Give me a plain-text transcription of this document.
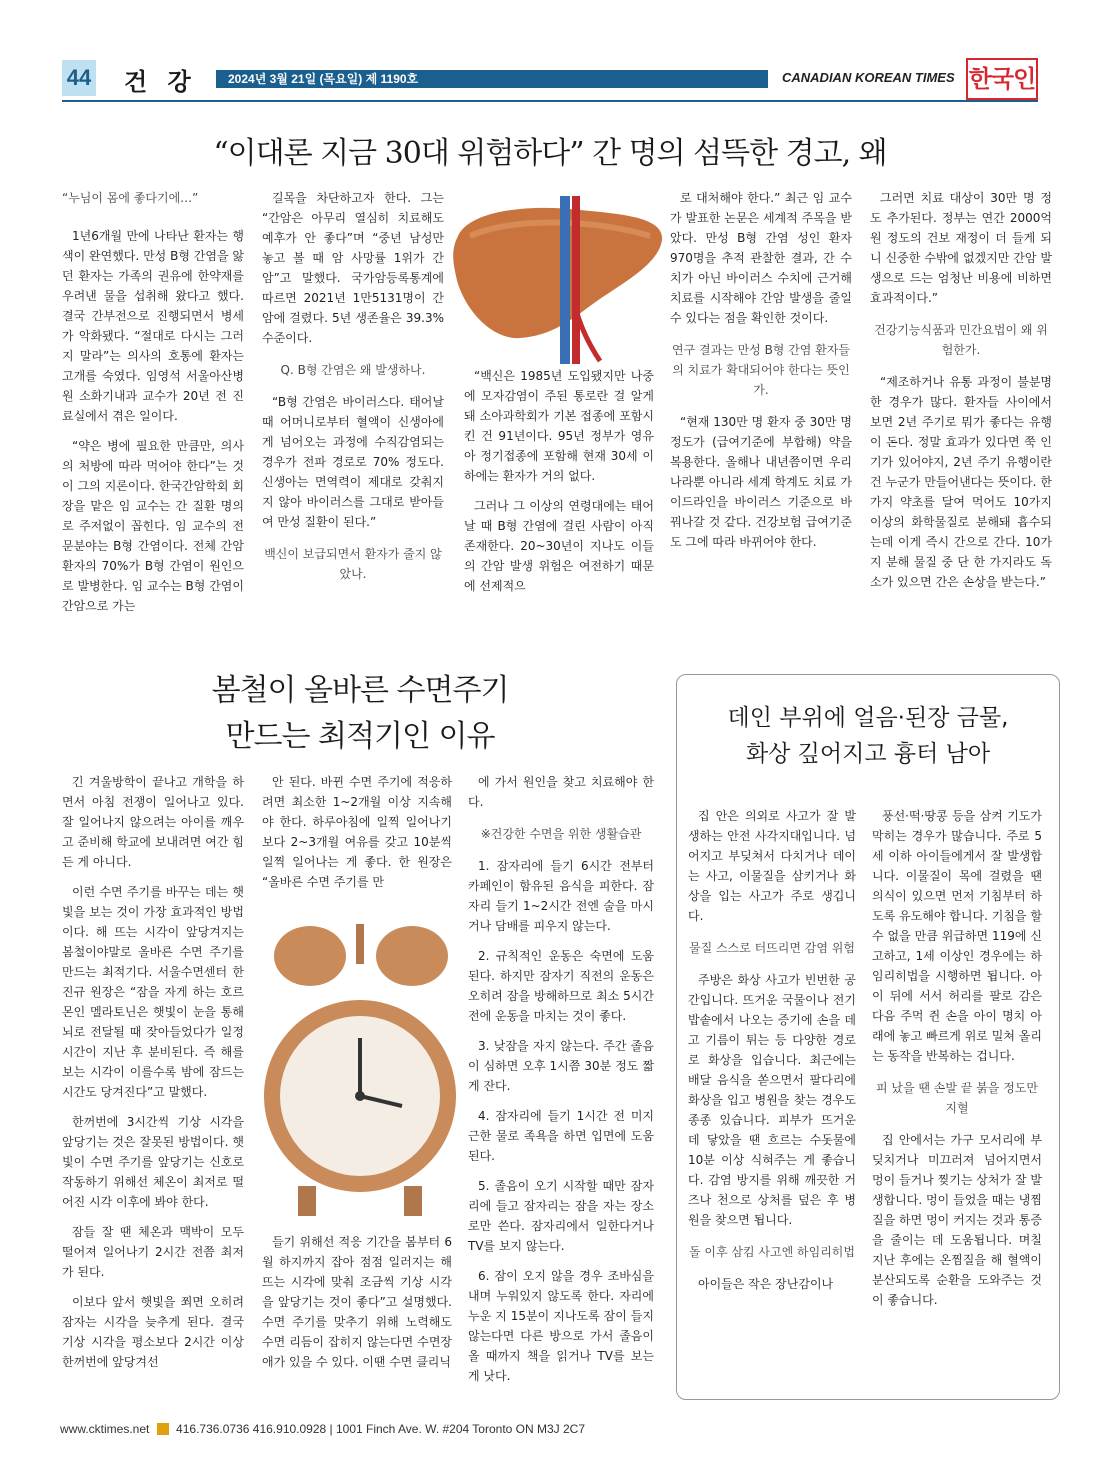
44 건 강	2024년 3월 21일 (목요일) 제 1190호	CANADIAN KOREAN TIMES 한국인
“이대론 지금 30대 위험하다” 간 명의 섬뜩한 경고, 왜

“누님이 몸에 좋다기에…”

1년6개월 만에 나타난 환자는 행색이 완연했다. 만성 B형 간염을 앓던 환자는 가족의 권유에 한약재를 우려낸 물을 섭취해 왔다고 했다. 결국 간부전으로 진행되면서 병세가 악화됐다. “절대로 다시는 그러지 말라”는 의사의 호통에 환자는 고개를 숙였다. 임영석 서울아산병원 소화기내과 교수가 20년 전 진료실에서 겪은 일이다.

“약은 병에 필요한 만큼만, 의사의 처방에 따라 먹어야 한다”는 것이 그의 지론이다. 한국간암학회 회장을 맡은 임 교수는 간 질환 명의로 주저없이 꼽힌다. 임 교수의 전문분야는 B형 간염이다. 전체 간암 환자의 70%가 B형 간염이 원인으로 발병한다. 임 교수는 B형 간염이 간암으로 가는

길목을 차단하고자 한다. 그는 “간암은 아무리 열심히 치료해도 예후가 안 좋다”며 “중년 남성만 놓고 볼 때 암 사망률 1위가 간암”고 말했다. 국가암등록통계에 따르면 2021년 1만5131명이 간암에 걸렸다. 5년 생존율은 39.3% 수준이다.

Q. B형 간염은 왜 발생하나.

“B형 간염은 바이러스다. 태어날 때 어머니로부터 혈액이 신생아에게 넘어오는 과정에 수직감염되는 경우가 전파 경로로 70% 정도다. 신생아는 면역력이 제대로 갖춰지지 않아 바이러스를 그대로 받아들여 만성 질환이 된다.”

백신이 보급되면서 환자가 줄지 않았나.

“백신은 1985년 도입됐지만 나중에 모자감염이 주된 통로란 걸 알게 돼 소아과학회가 기본 접종에 포함시킨 건 91년이다. 95년 정부가 영유아 정기접종에 포함해 현재 30세 이하에는 환자가 거의 없다.

그러나 그 이상의 연령대에는 태어날 때 B형 간염에 걸린 사람이 아직 존재한다. 20~30년이 지나도 이들의 간암 발생 위험은 여전하기 때문에 선제적으

로 대처해야 한다.” 최근 임 교수가 발표한 논문은 세계적 주목을 받았다. 만성 B형 간염 성인 환자 970명을 추적 관찰한 결과, 간 수치가 아닌 바이러스 수치에 근거해 치료를 시작해야 간암 발생을 줄일 수 있다는 점을 확인한 것이다.

연구 결과는 만성 B형 간염 환자들의 치료가 확대되어야 한다는 뜻인가.

“현재 130만 명 환자 중 30만 명 정도가 (급여기준에 부합해) 약을 복용한다. 올해나 내년쯤이면 우리나라뿐 아니라 세계 학계도 치료 가이드라인을 바이러스 기준으로 바꿔나갈 것 같다. 건강보험 급여기준도 그에 따라 바뀌어야 한다.

그러면 치료 대상이 30만 명 정도 추가된다. 정부는 연간 2000억원 정도의 건보 재정이 더 들게 되니 신중한 수밖에 없겠지만 간암 발생으로 드는 엄청난 비용에 비하면 효과적이다.”

건강기능식품과 민간요법이 왜 위험한가.

“제조하거나 유통 과정이 불분명한 경우가 많다. 환자들 사이에서 보면 2년 주기로 뭐가 좋다는 유행이 돈다. 정말 효과가 있다면 쭉 인기가 있어야지, 2년 주기 유행이란 건 누군가 만들어낸다는 뜻이다. 한 가지 약초를 달여 먹어도 10가지 이상의 화학물질로 분해돼 흡수되는데 이게 즉시 간으로 간다. 10가지 분해 물질 중 단 한 가지라도 독소가 있으면 간은 손상을 받는다.”

봄철이 올바른 수면주기
만드는 최적기인 이유

긴 겨울방학이 끝나고 개학을 하면서 아침 전쟁이 일어나고 있다. 잘 일어나지 않으려는 아이를 깨우고 준비해 학교에 보내려면 여간 힘든 게 아니다.

이런 수면 주기를 바꾸는 데는 햇빛을 보는 것이 가장 효과적인 방법이다. 해 뜨는 시각이 앞당겨지는 봄철이야말로 올바른 수면 주기를 만드는 최적기다. 서울수면센터 한진규 원장은 “잠을 자게 하는 호르몬인 멜라토닌은 햇빛이 눈을 통해 뇌로 전달될 때 잦아들었다가 일정 시간이 지난 후 분비된다. 즉 해를 보는 시각이 이를수록 밤에 잠드는 시간도 당겨진다”고 말했다.

한꺼번에 3시간씩 기상 시각을 앞당기는 것은 잘못된 방법이다. 햇빛이 수면 주기를 앞당기는 신호로 작동하기 위해선 체온이 최저로 떨어진 시각 이후에 봐야 한다.

잠들 잘 땐 체온과 맥박이 모두 떨어져 일어나기 2시간 전쯤 최저가 된다.

이보다 앞서 햇빛을 쬐면 오히려 잠자는 시각을 늦추게 된다. 결국 기상 시각을 평소보다 2시간 이상 한꺼번에 앞당겨선

안 된다. 바뀐 수면 주기에 적응하려면 최소한 1~2개월 이상 지속해야 한다. 하루아침에 일찍 일어나기보다 2~3개월 여유를 갖고 10분씩 일찍 일어나는 게 좋다. 한 원장은 “올바른 수면 주기를 만

들기 위해선 적응 기간을 봄부터 6월 하지까지 잡아 점점 일러지는 해 뜨는 시각에 맞춰 조금씩 기상 시각을 앞당기는 것이 좋다”고 설명했다. 수면 주기를 맞추기 위해 노력해도 수면 리듬이 잡히지 않는다면 수면장애가 있을 수 있다. 이땐 수면 클리닉

에 가서 원인을 찾고 치료해야 한다.

※건강한 수면을 위한 생활습관

1. 잠자리에 들기 6시간 전부터 카페인이 함유된 음식을 피한다. 잠자리 들기 1~2시간 전엔 술을 마시거나 담배를 피우지 않는다.

2. 규칙적인 운동은 숙면에 도움된다. 하지만 잠자기 직전의 운동은 오히려 잠을 방해하므로 최소 5시간 전에 운동을 마치는 것이 좋다.

3. 낮잠을 자지 않는다. 주간 졸음이 심하면 오후 1시쯤 30분 정도 짧게 잔다.

4. 잠자리에 들기 1시간 전 미지근한 물로 족욕을 하면 입면에 도움된다.

5. 졸음이 오기 시작할 때만 잠자리에 들고 잠자리는 잠을 자는 장소로만 쓴다. 잠자리에서 일한다거나 TV를 보지 않는다.

6. 잠이 오지 않을 경우 조바심을 내며 누워있지 않도록 한다. 자리에 누운 지 15분이 지나도록 잠이 들지 않는다면 다른 방으로 가서 졸음이 올 때까지 책을 읽거나 TV를 보는 게 낫다.

데인 부위에 얼음·된장 금물,
화상 깊어지고 흉터 남아

집 안은 의외로 사고가 잘 발생하는 안전 사각지대입니다. 넘어지고 부딪쳐서 다치거나 데이는 사고, 이물질을 삼키거나 화상을 입는 사고가 주로 생깁니다.

물질 스스로 터뜨리면 감염 위험

주방은 화상 사고가 빈번한 공간입니다. 뜨거운 국물이나 전기밥솥에서 나오는 증기에 손을 데고 기름이 튀는 등 다양한 경로로 화상을 입습니다. 최근에는 배달 음식을 쏟으면서 팔다리에 화상을 입고 병원을 찾는 경우도 종종 있습니다. 피부가 뜨거운 데 닿았을 땐 흐르는 수돗물에 10분 이상 식혀주는 게 좋습니다. 감염 방지를 위해 깨끗한 거즈나 천으로 상처를 덮은 후 병원을 찾으면 됩니다.

돌 이후 삼킴 사고엔 하임리히법

아이들은 작은 장난감이나

풍선·떡·땅콩 등을 삼켜 기도가 막히는 경우가 많습니다. 주로 5세 이하 아이들에게서 잘 발생합니다. 이물질이 목에 걸렸을 땐 의식이 있으면 먼저 기침부터 하도록 유도해야 합니다. 기침을 할 수 없을 만큼 위급하면 119에 신고하고, 1세 이상인 경우에는 하임리히법을 시행하면 됩니다. 아이 뒤에 서서 허리를 팔로 감은 다음 주먹 쥔 손을 아이 명치 아래에 놓고 빠르게 위로 밀쳐 올리는 동작을 반복하는 겁니다.

피 났을 땐 손발 끝 붉을 정도만 지혈

집 안에서는 가구 모서리에 부딪치거나 미끄러져 넘어지면서 멍이 들거나 찢기는 상처가 잘 발생합니다. 멍이 들었을 때는 냉찜질을 하면 멍이 커지는 것과 통증을 줄이는 데 도움됩니다. 며칠 지난 후에는 온찜질을 해 혈액이 분산되도록 순환을 도와주는 것이 좋습니다.

www.cktimes.net 416.736.0736 416.910.0928 | 1001 Finch Ave. W. #204 Toronto ON M3J 2C7
